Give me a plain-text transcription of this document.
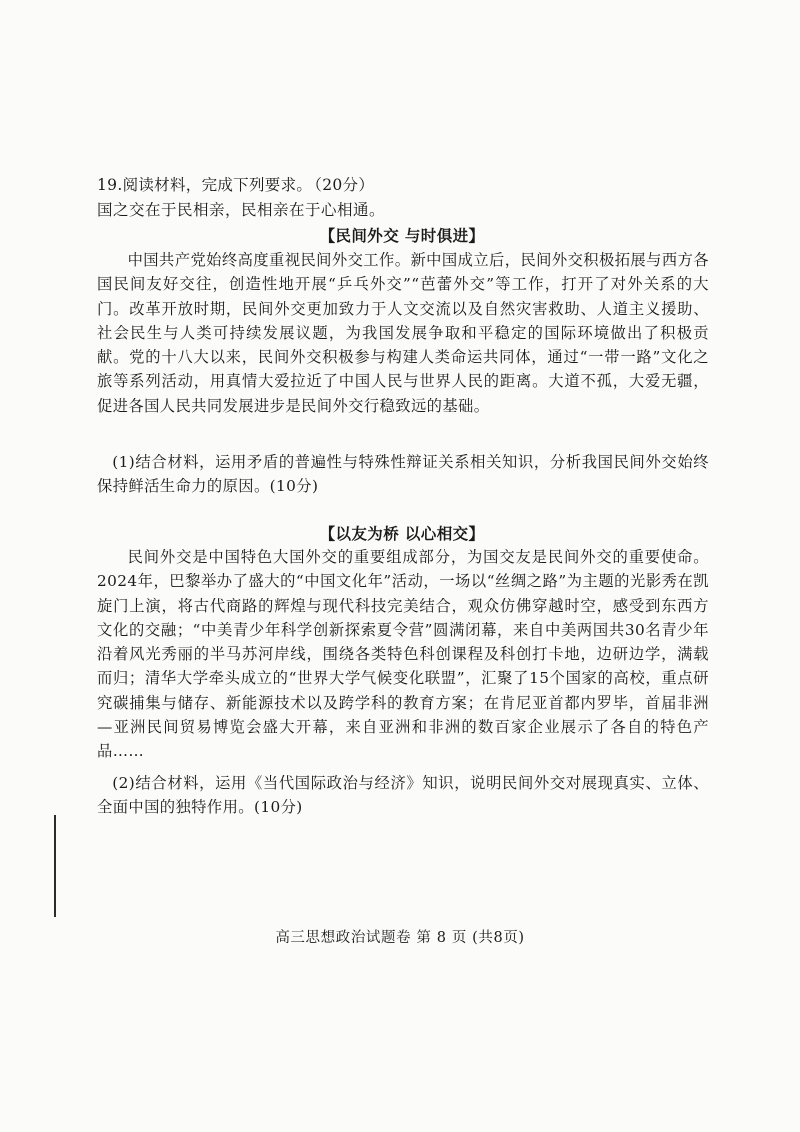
19.阅读材料，完成下列要求。 （20分）
国之交在于民相亲，民相亲在于心相通。
【民间外交 与时俱进】
中国共产党始终高度重视民间外交工作。新中国成立后，民间外交积极拓展与西方各国民间友好交往，创造性地开展“乒乓外交”“芭蕾外交”等工作，打开了对外关系的大门。改革开放时期，民间外交更加致力于人文交流以及自然灾害救助、人道主义援助、社会民生与人类可持续发展议题，为我国发展争取和平稳定的国际环境做出了积极贡献。党的十八大以来，民间外交积极参与构建人类命运共同体，通过“一带一路”文化之旅等系列活动，用真情大爱拉近了中国人民与世界人民的距离。大道不孤，大爱无疆，促进各国人民共同发展进步是民间外交行稳致远的基础。
(1)结合材料，运用矛盾的普遍性与特殊性辩证关系相关知识，分析我国民间外交始终保持鲜活生命力的原因。(10分)
【以友为桥 以心相交】
民间外交是中国特色大国外交的重要组成部分，为国交友是民间外交的重要使命。2024年，巴黎举办了盛大的“中国文化年”活动，一场以“丝绸之路”为主题的光影秀在凯旋门上演，将古代商路的辉煌与现代科技完美结合，观众仿佛穿越时空，感受到东西方文化的交融；“中美青少年科学创新探索夏令营”圆满闭幕，来自中美两国共30名青少年沿着风光秀丽的半马苏河岸线，围绕各类特色科创课程及科创打卡地，边研边学，满载而归；清华大学牵头成立的“世界大学气候变化联盟”，汇聚了15个国家的高校，重点研究碳捕集与储存、新能源技术以及跨学科的教育方案；在肯尼亚首都内罗毕，首届非洲—亚洲民间贸易博览会盛大开幕，来自亚洲和非洲的数百家企业展示了各自的特色产品……
(2)结合材料，运用《当代国际政治与经济》知识，说明民间外交对展现真实、立体、全面中国的独特作用。(10分)
高三思想政治试题卷 第 8 页 (共8页)
